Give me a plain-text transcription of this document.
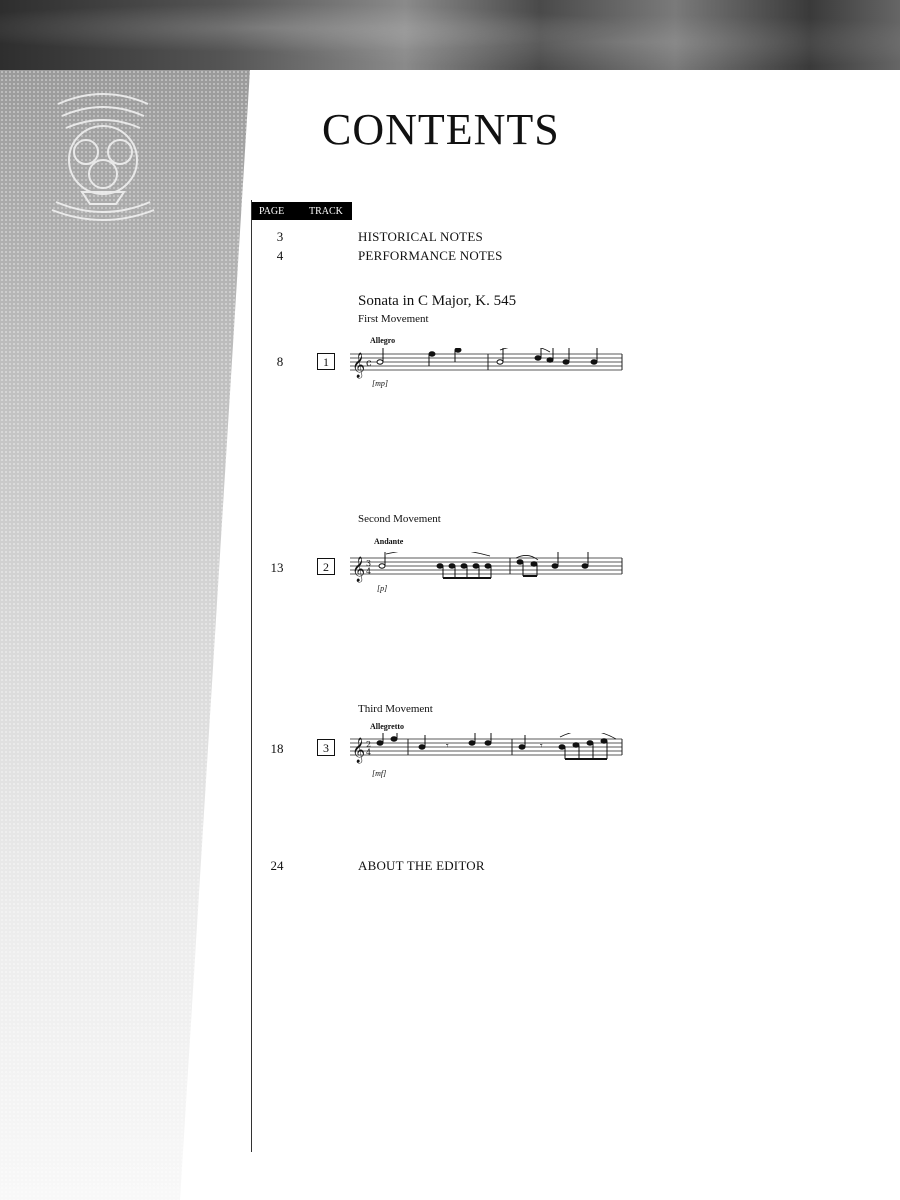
CONTENTS
PAGE TRACK
3	HISTORICAL NOTES
4	PERFORMANCE NOTES
Sonata in C Major, K. 545
First Movement
Allegro
8	1 𝄞 c
[mp]
Second Movement
Andante
13	2 𝄞 3
4
[p]
Third Movement
Allegretto
18	3 𝄞 2
4
𝄾	𝄾
[mf]
24	ABOUT THE EDITOR
